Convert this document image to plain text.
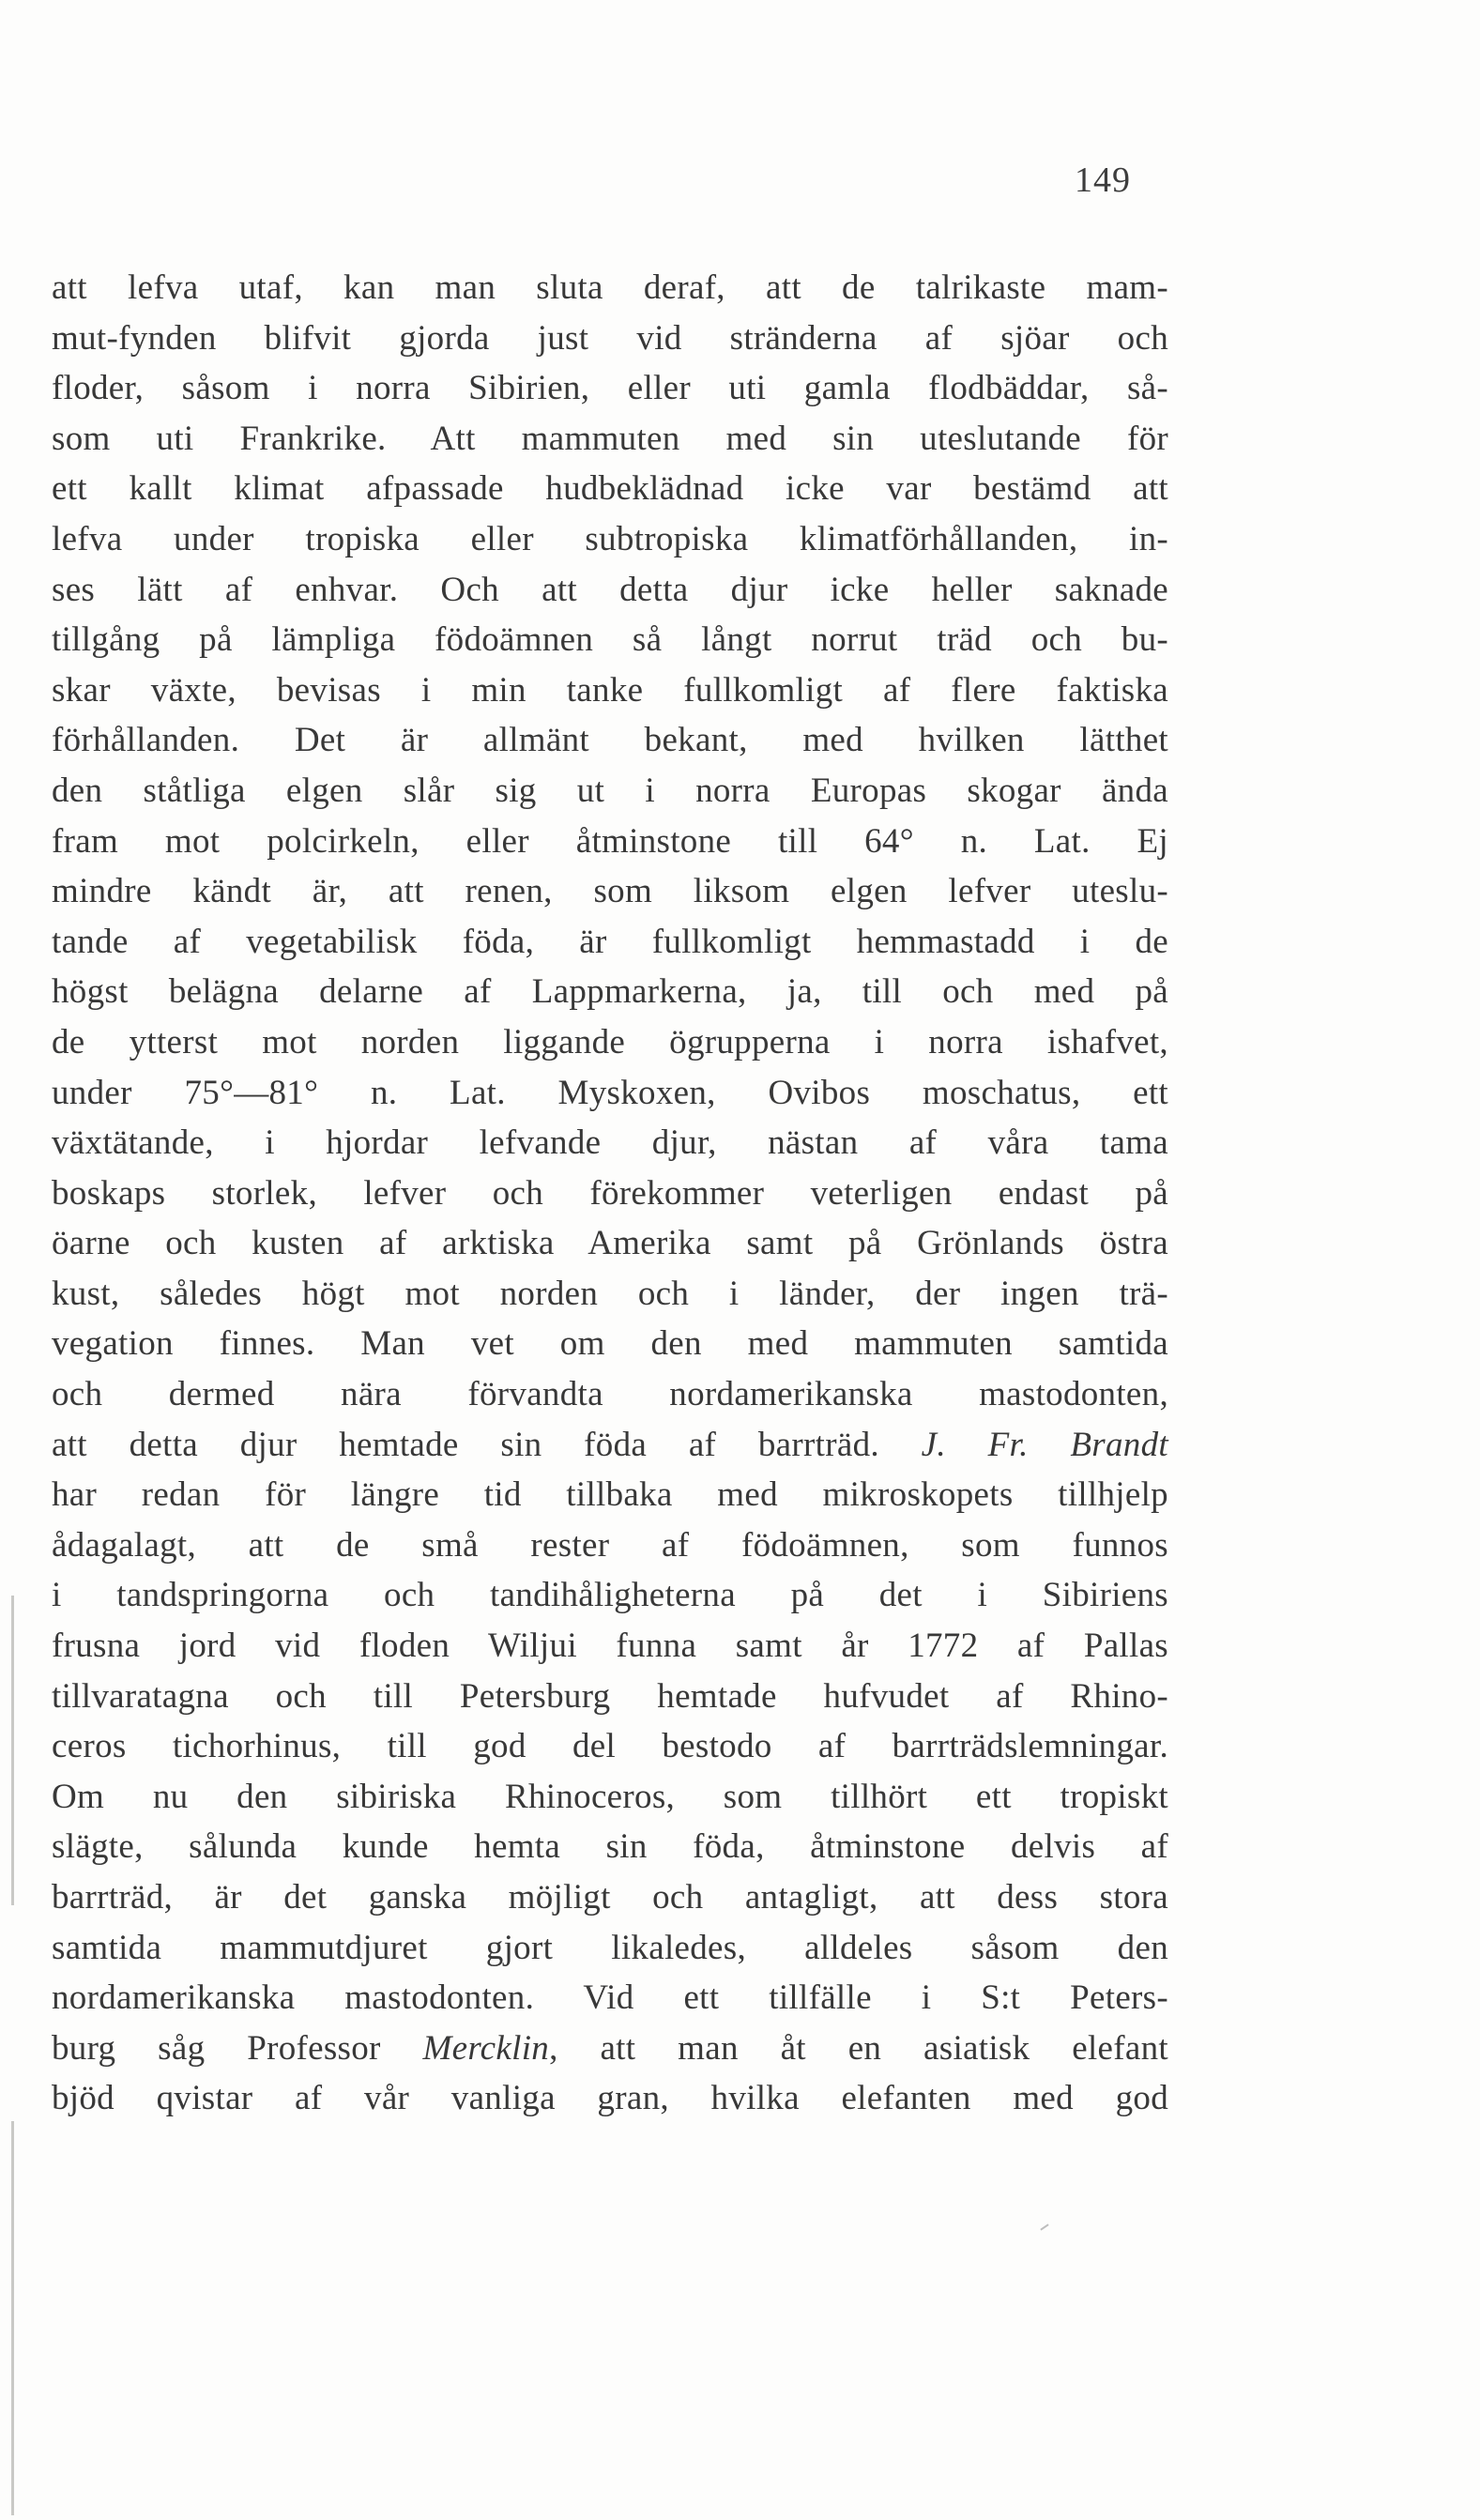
149
att lefva utaf, kan man sluta deraf, att de talrikaste mam-
mut-fynden blifvit gjorda just vid stränderna af sjöar och
floder, såsom i norra Sibirien, eller uti gamla flodbäddar, så-
som uti Frankrike. Att mammuten med sin uteslutande för
ett kallt klimat afpassade hudbeklädnad icke var bestämd att
lefva under tropiska eller subtropiska klimatförhållanden, in-
ses lätt af enhvar. Och att detta djur icke heller saknade
tillgång på lämpliga födoämnen så långt norrut träd och bu-
skar växte, bevisas i min tanke fullkomligt af flere faktiska
förhållanden. Det är allmänt bekant, med hvilken lätthet
den ståtliga elgen slår sig ut i norra Europas skogar ända
fram mot polcirkeln, eller åtminstone till 64° n. Lat. Ej
mindre kändt är, att renen, som liksom elgen lefver uteslu-
tande af vegetabilisk föda, är fullkomligt hemmastadd i de
högst belägna delarne af Lappmarkerna, ja, till och med på
de ytterst mot norden liggande ögrupperna i norra ishafvet,
under 75°—81° n. Lat. Myskoxen, Ovibos moschatus, ett
växtätande, i hjordar lefvande djur, nästan af våra tama
boskaps storlek, lefver och förekommer veterligen endast på
öarne och kusten af arktiska Amerika samt på Grönlands östra
kust, således högt mot norden och i länder, der ingen trä-
vegation finnes. Man vet om den med mammuten samtida
och dermed nära förvandta nordamerikanska mastodonten,
att detta djur hemtade sin föda af barrträd. J. Fr. Brandt
har redan för längre tid tillbaka med mikroskopets tillhjelp
ådagalagt, att de små rester af födoämnen, som funnos
i tandspringorna och tandihåligheterna på det i Sibiriens
frusna jord vid floden Wiljui funna samt år 1772 af Pallas
tillvaratagna och till Petersburg hemtade hufvudet af Rhino-
ceros tichorhinus, till god del bestodo af barrträdslemningar.
Om nu den sibiriska Rhinoceros, som tillhört ett tropiskt
slägte, sålunda kunde hemta sin föda, åtminstone delvis af
barrträd, är det ganska möjligt och antagligt, att dess stora
samtida mammutdjuret gjort likaledes, alldeles såsom den
nordamerikanska mastodonten. Vid ett tillfälle i S:t Peters-
burg såg Professor Mercklin, att man åt en asiatisk elefant
bjöd qvistar af vår vanliga gran, hvilka elefanten med god
